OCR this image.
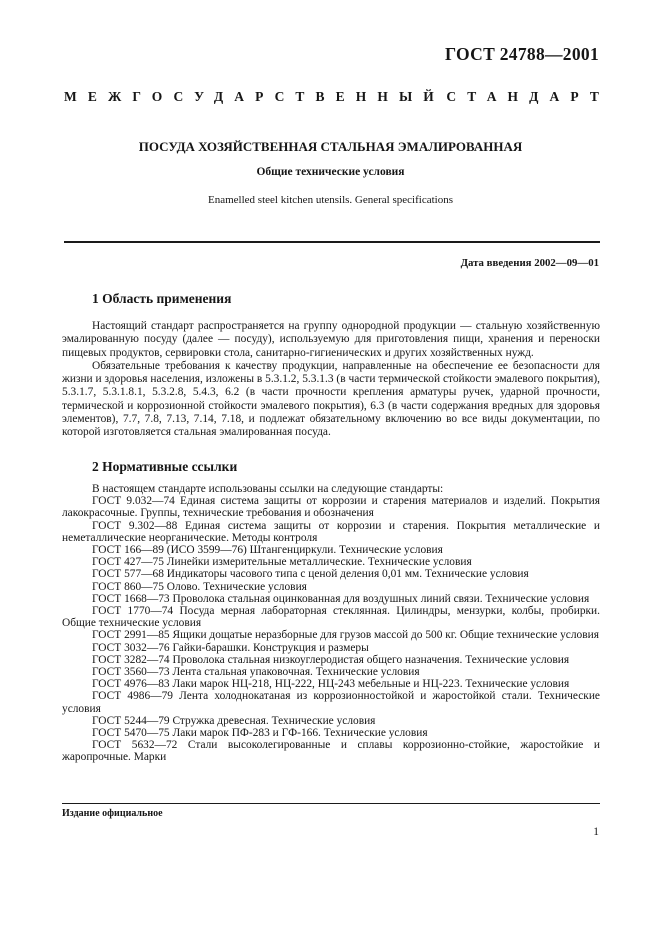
ГОСТ 24788—2001
МЕЖГОСУДАРСТВЕННЫЙ СТАНДАРТ
ПОСУДА ХОЗЯЙСТВЕННАЯ СТАЛЬНАЯ ЭМАЛИРОВАННАЯ
Общие технические условия
Enamelled steel kitchen utensils. General specifications
Дата введения 2002—09—01
1 Область применения

Настоящий стандарт распространяется на группу однородной продукции — стальную хозяйственную эмалированную посуду (далее — посуду), используемую для приготовления пищи, хранения и переноски пищевых продуктов, сервировки стола, санитарно-гигиенических и других хозяйственных нужд.

Обязательные требования к качеству продукции, направленные на обеспечение ее безопасности для жизни и здоровья населения, изложены в 5.3.1.2, 5.3.1.3 (в части термической стойкости эмалевого покрытия), 5.3.1.7, 5.3.1.8.1, 5.3.2.8, 5.4.3, 6.2 (в части прочности крепления арматуры ручек, ударной прочности, термической и коррозионной стойкости эмалевого покрытия), 6.3 (в части содержания вредных для здоровья элементов), 7.7, 7.8, 7.13, 7.14, 7.18, и подлежат обязательному включению во все виды документации, по которой изготовляется стальная эмалированная посуда.

2 Нормативные ссылки

В настоящем стандарте использованы ссылки на следующие стандарты:

ГОСТ 9.032—74 Единая система защиты от коррозии и старения материалов и изделий. Покрытия лакокрасочные. Группы, технические требования и обозначения

ГОСТ 9.302—88 Единая система защиты от коррозии и старения. Покрытия металлические и неметаллические неорганические. Методы контроля

ГОСТ 166—89 (ИСО 3599—76) Штангенциркули. Технические условия

ГОСТ 427—75 Линейки измерительные металлические. Технические условия

ГОСТ 577—68 Индикаторы часового типа с ценой деления 0,01 мм. Технические условия

ГОСТ 860—75 Олово. Технические условия

ГОСТ 1668—73 Проволока стальная оцинкованная для воздушных линий связи. Технические условия

ГОСТ 1770—74 Посуда мерная лабораторная стеклянная. Цилиндры, мензурки, колбы, пробирки. Общие технические условия

ГОСТ 2991—85 Ящики дощатые неразборные для грузов массой до 500 кг. Общие технические условия

ГОСТ 3032—76 Гайки-барашки. Конструкция и размеры

ГОСТ 3282—74 Проволока стальная низкоуглеродистая общего назначения. Технические условия

ГОСТ 3560—73 Лента стальная упаковочная. Технические условия

ГОСТ 4976—83 Лаки марок НЦ-218, НЦ-222, НЦ-243 мебельные и НЦ-223. Технические условия

ГОСТ 4986—79 Лента холоднокатаная из коррозионностойкой и жаростойкой стали. Технические условия

ГОСТ 5244—79 Стружка древесная. Технические условия

ГОСТ 5470—75 Лаки марок ПФ-283 и ГФ-166. Технические условия

ГОСТ 5632—72 Стали высоколегированные и сплавы коррозионно-стойкие, жаростойкие и жаропрочные. Марки

Издание официальное
1
